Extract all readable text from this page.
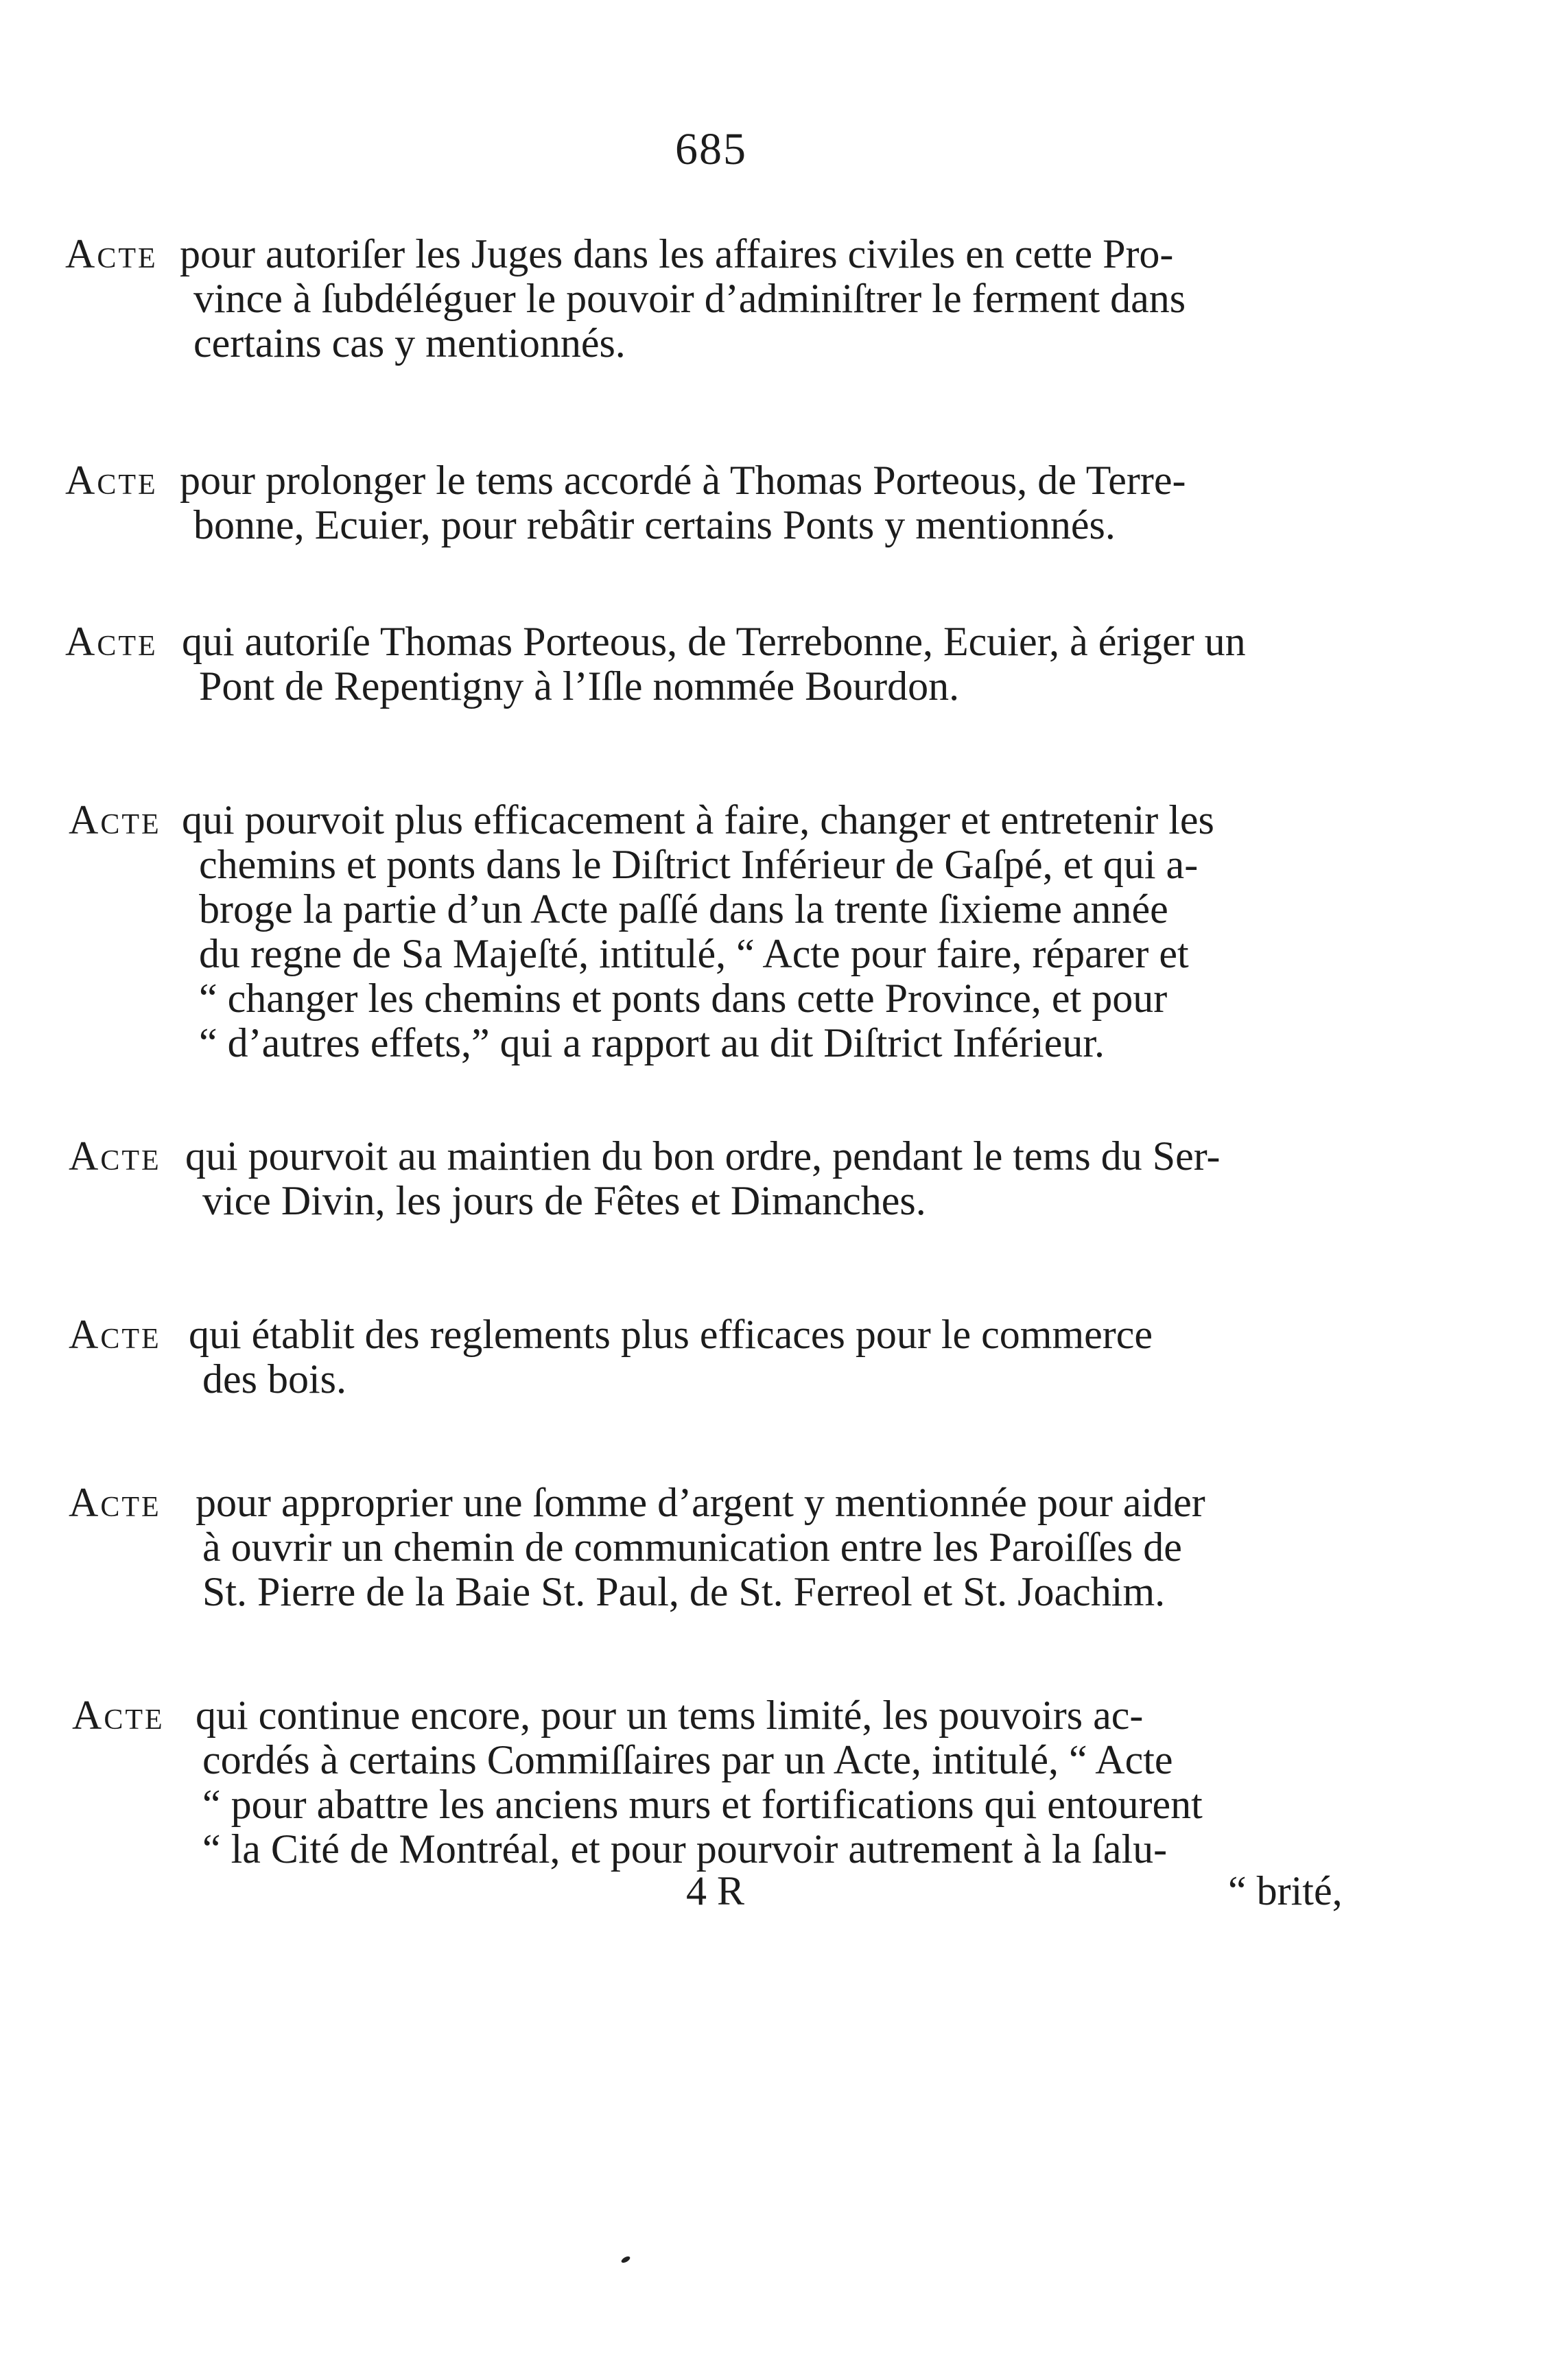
685
Acte pour autoriſer les Juges dans les affaires civiles en cette Pro-
vince à ſubdéléguer le pouvoir d’adminiſtrer le ferment dans
certains cas y mentionnés.
Acte pour prolonger le tems accordé à Thomas Porteous, de Terre-
bonne, Ecuier, pour rebâtir certains Ponts y mentionnés.
Acte qui autoriſe Thomas Porteous, de Terrebonne, Ecuier, à ériger un
Pont de Repentigny à l’Iſle nommée Bourdon.
Acte qui pourvoit plus efficacement à faire, changer et entretenir les
chemins et ponts dans le Diſtrict Inférieur de Gaſpé, et qui a-
broge la partie d’un Acte paſſé dans la trente ſixieme année
du regne de Sa Majeſté, intitulé, “ Acte pour faire, réparer et
“ changer les chemins et ponts dans cette Province, et pour
“ d’autres effets,” qui a rapport au dit Diſtrict Inférieur.
Acte qui pourvoit au maintien du bon ordre, pendant le tems du Ser-
vice Divin, les jours de Fêtes et Dimanches.
Acte qui établit des reglements plus efficaces pour le commerce
des bois.
Acte pour approprier une ſomme d’argent y mentionnée pour aider
à ouvrir un chemin de communication entre les Paroiſſes de
St. Pierre de la Baie St. Paul, de St. Ferreol et St. Joachim.
Acte qui continue encore, pour un tems limité, les pouvoirs ac-
cordés à certains Commiſſaires par un Acte, intitulé, “ Acte
“ pour abattre les anciens murs et fortifications qui entourent
“ la Cité de Montréal, et pour pourvoir autrement à la ſalu-
4 R	“ brité,
